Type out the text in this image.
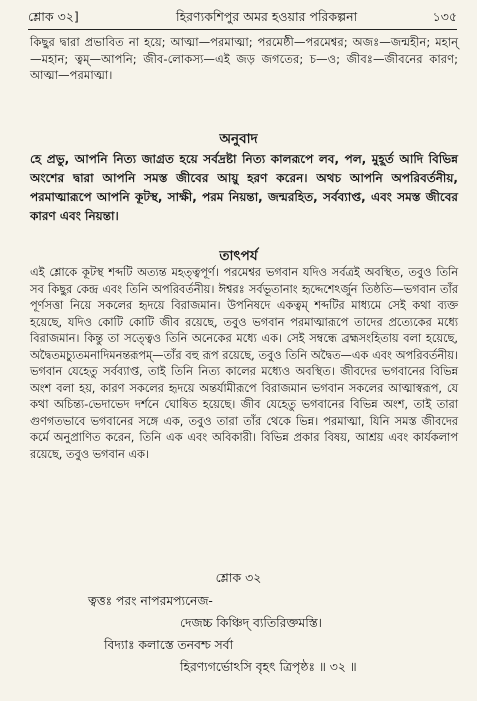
শ্লোক ৩২]	হিরণ্যকশিপুর অমর হওয়ার পরিকল্পনা	১৩৫

কিছুর দ্বারা প্রভাবিত না হয়ে; আত্মা—পরমাত্মা; পরমেষ্ঠী—পরমেশ্বর; অজঃ—জন্মহীন; মহান্—মহান; ত্বম্—আপনি; জীব-লোকস্য—এই জড় জগতের; চ—ও; জীবঃ—জীবনের কারণ; আত্মা—পরমাত্মা।

অনুবাদ

হে প্রভু, আপনি নিত্য জাগ্রত হয়ে সর্বদ্রষ্টা নিত্য কালরূপে লব, পল, মুহূর্ত আদি বিভিন্ন অংশের দ্বারা আপনি সমস্ত জীবের আয়ু হরণ করেন। অথচ আপনি অপরিবর্তনীয়, পরমাত্মারূপে আপনি কূটস্থ, সাক্ষী, পরম নিয়ন্তা, জন্মরহিত, সর্বব্যাপ্ত, এবং সমস্ত জীবের কারণ এবং নিয়ন্তা।

তাৎপর্য

এই শ্লোকে কূটস্থ শব্দটি অত্যন্ত মহত্ত্বপূর্ণ। পরমেশ্বর ভগবান যদিও সর্বত্রই অবস্থিত, তবুও তিনি সব কিছুর কেন্দ্র এবং তিনি অপরিবর্তনীয়। ঈশ্বরঃ সর্বভূতানাং হৃদ্দেশেঽর্জুন তিষ্ঠতি—ভগবান তাঁর পূর্ণসত্তা নিয়ে সকলের হৃদয়ে বিরাজমান। উপনিষদে একত্বম্ শব্দটির মাধ্যমে সেই কথা ব্যক্ত হয়েছে, যদিও কোটি কোটি জীব রয়েছে, তবুও ভগবান পরমাত্মারূপে তাদের প্রত্যেকের মধ্যে বিরাজমান। কিন্তু তা সত্ত্বেও তিনি অনেকের মধ্যে এক। সেই সম্বন্ধে ব্রহ্মসংহিতায় বলা হয়েছে, অদ্বৈতমচ্যুতমনাদিমনন্তরূপম্—তাঁর বহু রূপ রয়েছে, তবুও তিনি অদ্বৈত—এক এবং অপরিবর্তনীয়। ভগবান যেহেতু সর্বব্যাপ্ত, তাই তিনি নিত্য কালের মধ্যেও অবস্থিত। জীবদের ভগবানের বিভিন্ন অংশ বলা হয়, কারণ সকলের হৃদয়ে অন্তর্যামীরূপে বিরাজমান ভগবান সকলের আত্মাস্বরূপ, যে কথা অচিন্ত্য-ভেদাভেদ দর্শনে ঘোষিত হয়েছে। জীব যেহেতু ভগবানের বিভিন্ন অংশ, তাই তারা গুণগতভাবে ভগবানের সঙ্গে এক, তবুও তারা তাঁর থেকে ভিন্ন। পরমাত্মা, যিনি সমস্ত জীবদের কর্মে অনুপ্রাণিত করেন, তিনি এক এবং অবিকারী। বিভিন্ন প্রকার বিষয়, আশ্রয় এবং কার্যকলাপ রয়েছে, তবুও ভগবান এক।

শ্লোক ৩২
ত্বত্তঃ পরং নাপরমপ্যনেজ-
দেজচ্চ কিঞ্চিদ্ ব্যতিরিক্তমস্তি।
বিদ্যাঃ কলাস্তে তনবশ্চ সর্বা
হিরণ্যগর্ভোঽসি বৃহৎ ত্রিপৃষ্ঠঃ ॥ ৩২ ॥
